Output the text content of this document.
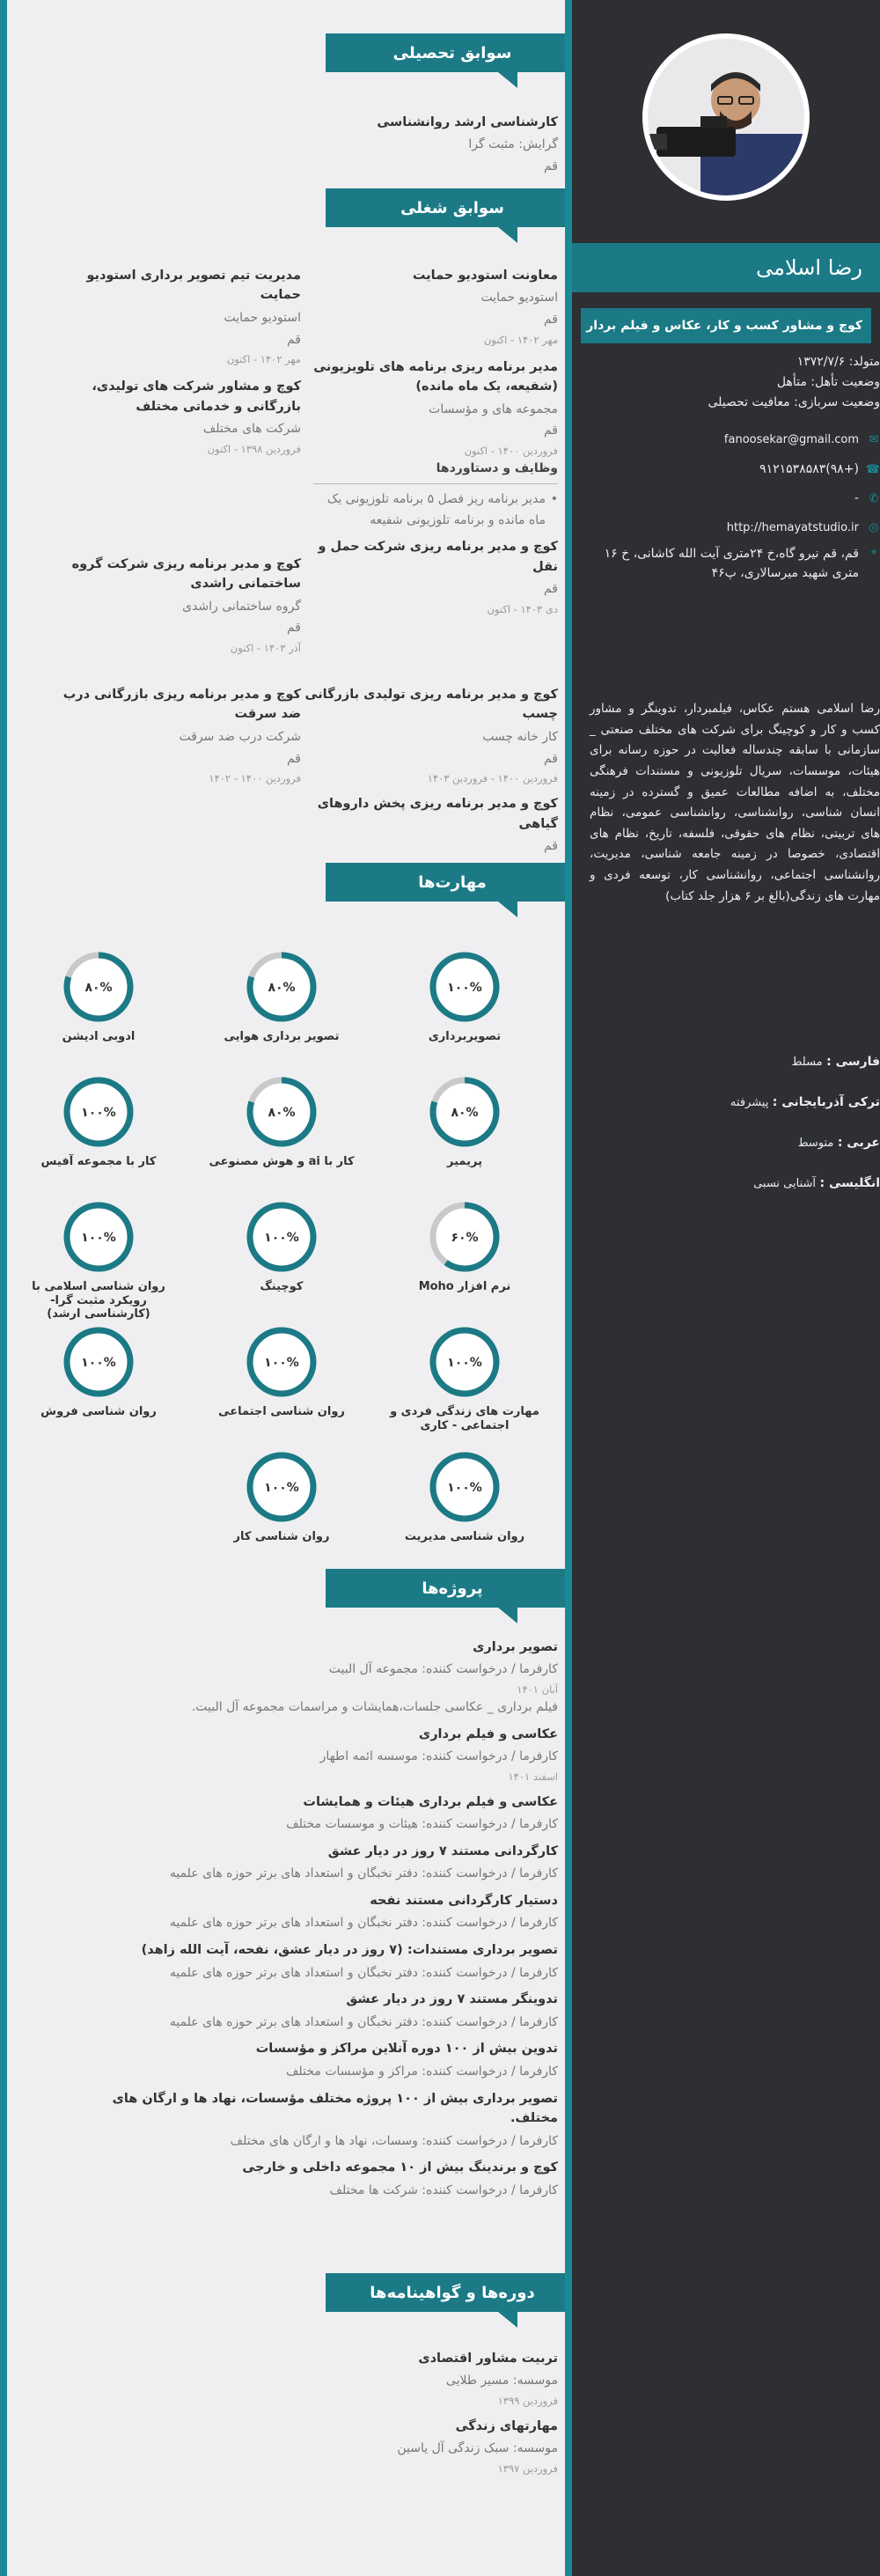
سوابق تحصیلی

کارشناسی ارشد روانشناسی

گرایش: مثبت گرا

قم

سوابق شغلی

معاونت استودیو حمایت

استودیو حمایت

قم

مهر ۱۴۰۲ - اکنون

مدیر برنامه ریزی برنامه های تلویزیونی (شفیعه، یک ماه مانده)

مجموعه های و مؤسسات

قم

فروردین ۱۴۰۰ - اکنون

وظایف و دستاوردها

• مدیر برنامه ریز فصل ۵ برنامه تلوزیونی یک ماه مانده و برنامه تلوزیونی شفیعه

کوچ و مدیر برنامه ریزی شرکت حمل و نقل

قم

دی ۱۴۰۳ - اکنون

مدیریت تیم تصویر برداری استودیو حمایت

استودیو حمایت

قم

مهر ۱۴۰۲ - اکنون

کوچ و مشاور شرکت های تولیدی، بازرگانی و خدماتی مختلف

شرکت های مختلف

فروردین ۱۳۹۸ - اکنون

کوچ و مدیر برنامه ریزی شرکت گروه ساختمانی راشدی

گروه ساختمانی راشدی

قم

آذر ۱۴۰۳ - اکنون

کوچ و مدیر برنامه ریزی بازرگانی درب ضد سرقت

شرکت درب ضد سرقت

قم

فروردین ۱۴۰۰ - ۱۴۰۲

کوچ و مدیر برنامه ریزی تولیدی بازرگانی چسب

کار خانه چسب

قم

فروردین ۱۴۰۰ - فروردین ۱۴۰۳

کوچ و مدیر برنامه ریزی پخش داروهای گیاهی

قم

مهارت‌ها
۱۰۰%
تصویربرداری
۸۰%
تصویر برداری هوایی
۸۰%
ادوبی ادیشن
۸۰%
پریمیر
۸۰%
کار با ai و هوش مصنوعی
۱۰۰%
کار با مجموعه آفیس
۶۰%
نرم افزار Moho
۱۰۰%
کوچینگ
۱۰۰%
روان شناسی اسلامی با رویکرد مثبت گرا- (کارشناسی ارشد)
۱۰۰%
مهارت های زندگی فردی و اجتماعی - کاری
۱۰۰%
روان شناسی اجتماعی
۱۰۰%
روان شناسی فروش
۱۰۰%
روان شناسی مدیریت
۱۰۰%
روان شناسی کار
پروژه‌ها

تصویر برداری

کارفرما / درخواست کننده: مجموعه آل البیت

آبان ۱۴۰۱

فیلم برداری _ عکاسی جلسات،همایشات و مراسمات مجموعه آل البیت.

عکاسی و فیلم برداری

کارفرما / درخواست کننده: موسسه ائمه اطهار

اسفند ۱۴۰۱

عکاسی و فیلم برداری هیئات و همایشات

کارفرما / درخواست کننده: هیئات و موسسات مختلف

کارگردانی مستند ۷ روز در دیار عشق

کارفرما / درخواست کننده: دفتر نخبگان و استعداد های برتر حوزه های علمیه

دستیار کارگردانی مستند نفحه

کارفرما / درخواست کننده: دفتر نخبگان و استعداد های برتر حوزه های علمیه

تصویر برداری مستندات: (۷ روز در دیار عشق، نفحه، آیت الله زاهد)

کارفرما / درخواست کننده: دفتر نخبگان و استعداد های برتر حوزه های علمیه

تدوینگر مستند ۷ روز در دیار عشق

کارفرما / درخواست کننده: دفتر نخبگان و استعداد های برتر حوزه های علمیه

تدوین بیش از ۱۰۰ دوره آنلاین مراکز و مؤسسات

کارفرما / درخواست کننده: مراکز و مؤسسات مختلف

تصویر برداری بیش از ۱۰۰ پروژه مختلف مؤسسات، نهاد ها و ارگان های مختلف.

کارفرما / درخواست کننده: وسسات، نهاد ها و ارگان های مختلف

کوچ و برندینگ بیش از ۱۰ مجموعه داخلی و خارجی

کارفرما / درخواست کننده: شرکت ها مختلف

دوره‌ها و گواهینامه‌ها

تربیت مشاور اقتصادی

موسسه: مسیر طلایی

فروردین ۱۳۹۹

مهارتهای زندگی

موسسه: سبک زندگی آل یاسین

فروردین ۱۳۹۷

رضا اسلامی
کوچ و مشاور کسب و کار، عکاس و فیلم بردار

متولد: ۱۳۷۲/۷/۶

وضعیت تأهل: متأهل

وضعیت سربازی: معافیت تحصیلی

✉
fanoosekar@gmail.com
☎
(+۹۸)۹۱۲۱۵۳۸۵۸۳
✆
-
◎
http://hemayatstudio.ir
⌖
قم، قم نیرو گاه،خ ۲۴متری آیت الله کاشانی، خ ۱۶ متری شهید میرسالاری، پ۴۶
رضا اسلامی هستم عکاس، فیلمبردار، تدوینگر و مشاور کسب و کار و کوچینگ برای شرکت های مختلف صنعتی _ سازمانی با سابقه چندساله فعالیت در حوزه رسانه برای هیئات، موسسات، سریال تلوزیونی و مستندات فرهنگی مختلف، به اضافه مطالعات عمیق و گسترده در زمینه انسان شناسی، روانشناسی، روانشناسی عمومی، نظام های تربیتی، نظام های حقوقی، فلسفه، تاریخ، نظام های اقتصادی، خصوصا در زمینه جامعه شناسی، مدیریت، روانشناسی اجتماعی، روانشناسی کار، توسعه فردی و مهارت های زندگی(بالغ بر ۶ هزار جلد کتاب)

فارسی : مسلط

ترکی آذربایجانی : پیشرفته

عربی : متوسط

انگلیسی : آشنایی نسبی
